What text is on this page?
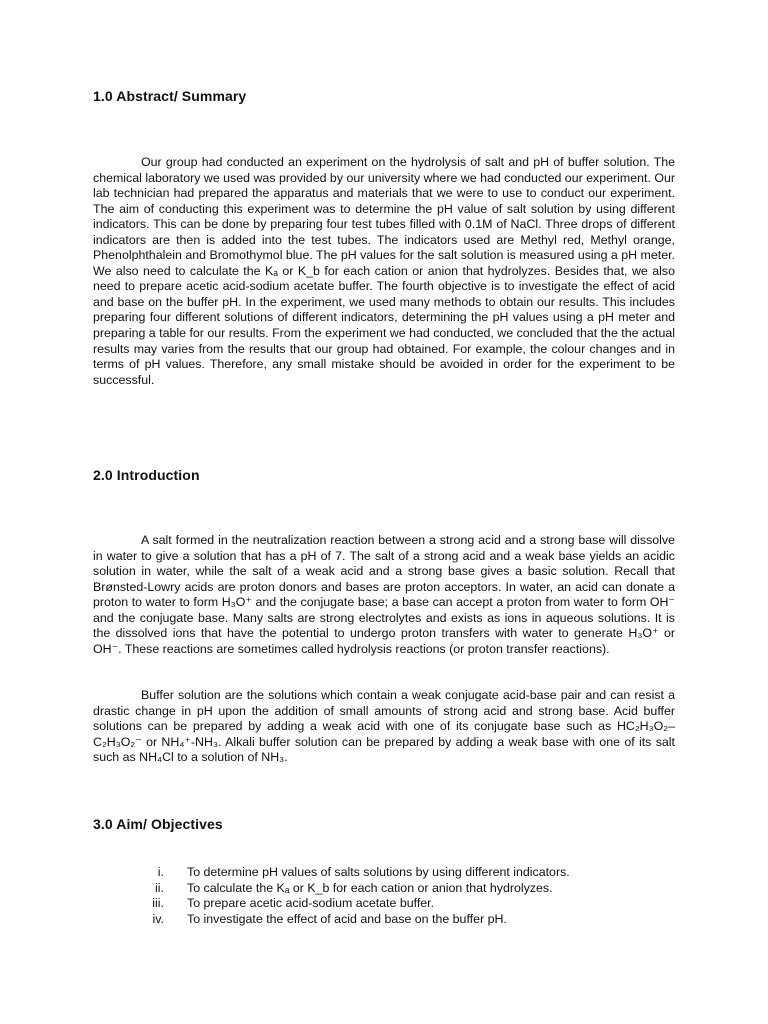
1.0 Abstract/ Summary

Our group had conducted an experiment on the hydrolysis of salt and pH of buffer solution. The chemical laboratory we used was provided by our university where we had conducted our experiment. Our lab technician had prepared the apparatus and materials that we were to use to conduct our experiment. The aim of conducting this experiment was to determine the pH value of salt solution by using different indicators. This can be done by preparing four test tubes filled with 0.1M of NaCl. Three drops of different indicators are then is added into the test tubes. The indicators used are Methyl red, Methyl orange, Phenolphthalein and Bromothymol blue. The pH values for the salt solution is measured using a pH meter. We also need to calculate the Kₐ or K_b for each cation or anion that hydrolyzes. Besides that, we also need to prepare acetic acid-sodium acetate buffer. The fourth objective is to investigate the effect of acid and base on the buffer pH. In the experiment, we used many methods to obtain our results. This includes preparing four different solutions of different indicators, determining the pH values using a pH meter and preparing a table for our results. From the experiment we had conducted, we concluded that the the actual results may varies from the results that our group had obtained. For example, the colour changes and in terms of pH values. Therefore, any small mistake should be avoided in order for the experiment to be successful.

2.0 Introduction

A salt formed in the neutralization reaction between a strong acid and a strong base will dissolve in water to give a solution that has a pH of 7. The salt of a strong acid and a weak base yields an acidic solution in water, while the salt of a weak acid and a strong base gives a basic solution. Recall that Brønsted-Lowry acids are proton donors and bases are proton acceptors. In water, an acid can donate a proton to water to form H₃O⁺ and the conjugate base; a base can accept a proton from water to form OH⁻ and the conjugate base. Many salts are strong electrolytes and exists as ions in aqueous solutions. It is the dissolved ions that have the potential to undergo proton transfers with water to generate H₃O⁺ or OH⁻. These reactions are sometimes called hydrolysis reactions (or proton transfer reactions).

Buffer solution are the solutions which contain a weak conjugate acid-base pair and can resist a drastic change in pH upon the addition of small amounts of strong acid and strong base. Acid buffer solutions can be prepared by adding a weak acid with one of its conjugate base such as HC₂H₃O₂–C₂H₃O₂⁻ or NH₄⁺-NH₃. Alkali buffer solution can be prepared by adding a weak base with one of its salt such as NH₄Cl to a solution of NH₃.

3.0 Aim/ Objectives
i. To determine pH values of salts solutions by using different indicators.
ii. To calculate the Kₐ or K_b for each cation or anion that hydrolyzes.
iii. To prepare acetic acid-sodium acetate buffer.
iv. To investigate the effect of acid and base on the buffer pH.
